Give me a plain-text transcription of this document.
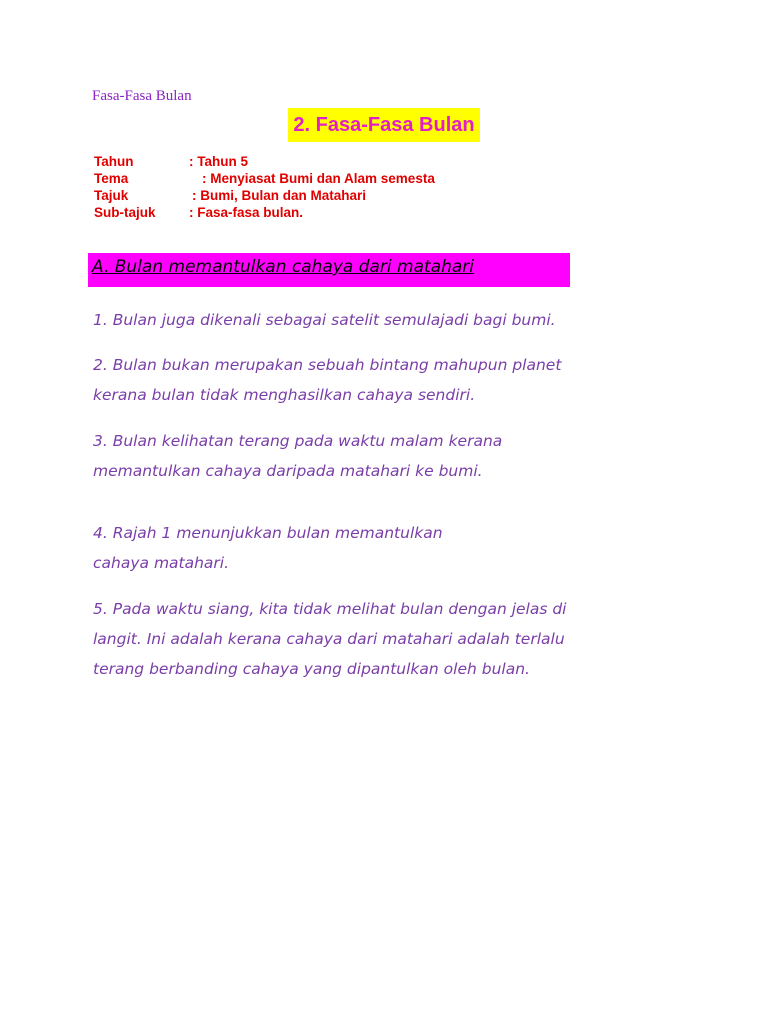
Fasa-Fasa Bulan
2. Fasa-Fasa Bulan
Tahun	: Tahun 5
Tema	: Menyiasat Bumi dan Alam semesta
Tajuk	: Bumi, Bulan dan Matahari
Sub-tajuk : Fasa-fasa bulan.
A. Bulan memantulkan cahaya dari matahari
1. Bulan juga dikenali sebagai satelit semulajadi bagi bumi.
2. Bulan bukan merupakan sebuah bintang mahupun planet
kerana bulan tidak menghasilkan cahaya sendiri.
3. Bulan kelihatan terang pada waktu malam kerana
memantulkan cahaya daripada matahari ke bumi.
4. Rajah 1 menunjukkan bulan memantulkan
cahaya matahari.
5. Pada waktu siang, kita tidak melihat bulan dengan jelas di
langit. Ini adalah kerana cahaya dari matahari adalah terlalu
terang berbanding cahaya yang dipantulkan oleh bulan.
